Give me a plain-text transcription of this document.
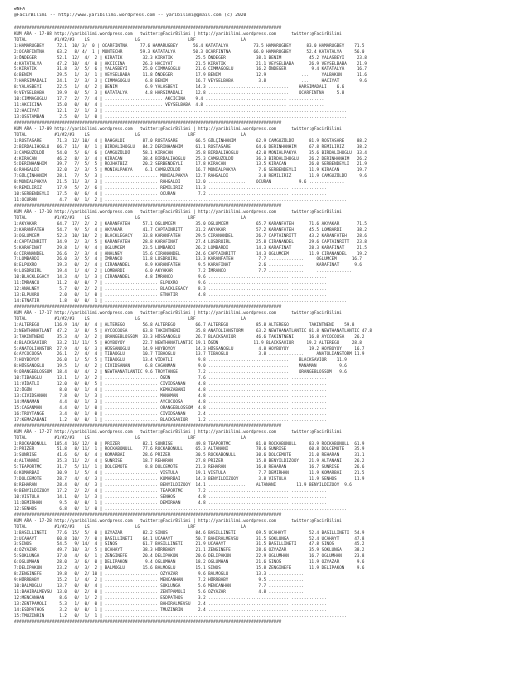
ƏNFA
@FacirBilimi -- http://www.yaribilimi.wordpress.com -- yaribilimi@gmail.com (c) 2020
##########################################################################################################
KUM ARA - 17-08 http://yaribilimi.wordpress.com   twitter:@FacirBilimi | http://yaribilimi.wordpress.com      twitter:@FacirBilimi
TOTAL           #1/#2/#3    LS                  LG                   LRF                  LA
1:HAMARUGBEY     72.1  10/ 3/  0 | OCARFINTNA     77.6 HAMARUGBEY      56.4 KATATALYA          73.5 HAMARUGBEY      83.0 HAMARUGBEY    71.5
2:OCARFINTNA     63.2   8/ 4/  1 | MONTECHR       59.3 KATATALYA       50.3 OCARFINTNA         66.0 HAMARUGBEY      52.4 KATATALYA     56.0
3:ÖNDEGER        52.1  12/  4/  2 | KIRATIK        32.3 KIRATIK         25.5 ÖNDEGER            38.1 BENIM           45.2 YALASBEYI     23.8
4:KATATALYA      47.2  10/  4/  0 | AKCICINA       26.3 HACIYAT         21.5 KIRATIK            21.1 VEYSELBABA      26.9 VEYSELBABA    21.9
5:KIRATIK        31.8   3/  5/  6 | YALASBEYI      25.0 CIMMAGOGLU      21.6 CIMMAGOGLU         16.2 ÖNDEGER          9.4 KATATALYA     16.7
6:BENIM          29.5   1/  3/  1 | VEYSELBABA     11.8 ÖNDEGER         17.9 BENIM              12.9              ...     YALBAKUN      11.6
7:HARSIMADALI    24.1   2/  3/  3 | CIMMAGOGLU      6.8 BENIM           16.7 VEYSELBABA          3.8              ...     HACIYAT        9.6
8:YALASBEYI      22.5   1/  4/  2 | BENIM           6.9 YALASBEYI       14.3 ................................    HARSIMADALI    6.6
9:VEYSELBABA     19.9   0/  5/  3 | KATATALYA       4.8 HARSIMADALI     12.8 ................................    OCARFINTNA     5.8
10:CIMMAGOGLU    17.7   2/  7/  4 | ....................... AKCICINA    9.4 ................................ ..............
11:AKCICINA      15.0   0/  0/  4 | ....................... VEYSELBABA  4.8 ................................ ..............
12:HACIYAT       12.1   2/  1/  3 | ................................................................................................
13:OSSTAMBAN      2.5   0/  1/  0 | ................................................................................................
##########################################################################################################
KUM ARA - 17-09 http://yaribilimi.wordpress.com   twitter:@FacirBilimi | http://yaribilimi.wordpress.com      twitter:@FacirBilimi
TOTAL           #1/#2/#3    LS                  LG                   LRF                  LA
1:ROSTASARE      71.3  12/ 10/  4 | RAHGALDI       87.0 ROSTASARE       66.5 GÜLÇİNHANIM        62.9 CAMGUZÜLDÜ      81.9 ROSTASARE     88.2
2:BIRDALIHOGLU   66.7  11/  8/  1 | BIRDALIHOGLU   84.2 DERINHANHIM     61.1 ROSTASARE          64.6 DERINHANHIM     67.8 REMILIRIZ     38.2
3:CAMGUZÜLDÜ     54.0   5/  6/  6 | CAMGUZÜLDÜ     58.1 KIRACAN         35.8 BIRDALIHOGLU       42.0 MONIALPAKYA     35.6 BIRDALIHOGLU  33.4
4:KIRACAN        46.2   8/  3/  4 | KIRACAN        38.4 BIRDALIHOGLU    25.3 CAMGUZÜLDÜ         36.3 BIRDALIHOGLU    26.2 DERINHANHIM   26.2
5:DERINHANHIM    39.7   7/  5/  5 | ROJHATBIZ      20.2 SERBENDEYLI     17.8 KIRACAN            13.5 KIRACAN         26.0 SERBENDEYLI   21.9
6:RAHGALDI       32.0   2/  3/  5 | MONIALPAKYA     6.1 CAMGUZÜLDÜ      16.7 MONIALPAKYA         7.6 SERBENDEYLI     11.9 KIRACAN       19.7
7:GÜLÇİNHANIM    28.1   7/  5/  3 | ..................... MONIALPAKYA   12.7 RAHGALDI            3.8 REMILIRIZ       11.9 CAMGUZÜLDÜ     9.6
8:MONIALPAKYA    21.5  11/  3/  3 | ..................... RAHGALDI      12.0 ...............    OCURAN           9.6 ..............
9:REMILIRIZ      17.9   5/  2/  6 | ..................... REMILIRIZ     11.3 ................................ ..............
10:SERBENDEYLI   17.5   0/  6/  4 | ..................... OCURAN         7.2 ................................ ..............
11:OCURAN         4.7   0/  1/  2 | ................................................................................................
##########################################################################################################
KUM ARA - 17-10 http://yaribilimi.wordpress.com   twitter:@FacirBilimi | http://yaribilimi.wordpress.com      twitter:@FacirBilimi
TOTAL           #1/#2/#3    LS                  LG                   LRF                  LA
1:AKYAKAR        64.7  17/  2/  2 | KARANFATEH     57.1 OGLUMCEM        35.0 OGLUMCEM           65.7 KARANFATEH      71.6 AKYAKAR       71.5
2:KARANFATEH     54.7   9/  5/  4 | AKYAKAR        41.7 CAPTAINRITT     31.2 AKYAKAR            57.2 KARANFATEH      45.5 LOMBARDI      38.2
3:OGLUMCEM       52.3  10/ 10/  2 | BLACKLEGACY    33.8 KARANFATEH      29.5 CIRANANDEL         26.7 CAPTAINRITT     43.2 KARANFATEH    28.6
4:CAPTAINRITT    34.9   2/  3/  5 | KARANFATEH     28.8 KARAFINAT       27.4 LOSDRUIRL          25.8 CIRANANDEL      29.6 CAPTAINRITT   23.8
5:KARAFINAT      29.8   1/  9/  4 | OGLUMCEM       23.5 LOMBARDI        26.2 LOMBARDI           14.3 KARAFINAT       28.3 KARAFINAT     21.5
6:CIRANANDEL     26.6   2/  3/  4 | ANALNEY        15.6 CIRANANDEL      24.6 CAPTAINRITT        14.3 OGLUMCEM        11.9 CIRANANDEL    19.2
7:LOMBARDI       26.0   3/  5/  4 | İMRANCO        11.8 LOSDRUIRL       13.3 KARANFATEH          7.7 ..............     OGLUMCEM      16.7
8:ELPUXRO        19.3   0/  2/  4 | CIRANANDEL      8.9 KARANFATEH       9.5 KARAFINAT           2.6 ..............     KARAFINAT      9.6
9:LOSDRUIRL      19.4   1/  4/  2 | LOMBARDI        6.0 AKYAKAR          7.2 İMRANCO             7.7 ..............     ..............
10:BLACKLEGACY   14.3   4/  1/  3 | CIRANANDEL      4.8 İMRANCO          9.6 ................................ ..............
11:İMRANCO       11.2   0/  0/  7 | ..................... ELPUXRO        9.6 ................................ ..............
12:ANALNEY        5.7   0/  2/  2 | ..................... BLACKLEGACY    8.3 ................................ ..............
13:ELPUXRO        2.0   0/  1/  0 | ..................... ETNATIR        4.8 ................................ ..............
14:ETNATIR        1.8   0/  0/  1 | ................................................................................................
##########################################################################################################
KUM ARA - 17-17 http://yaribilimi.wordpress.com   twitter:@FacirBilimi | http://yaribilimi.wordpress.com      twitter:@FacirBilimi
TOTAL           #1/#2/#3    LS                  LG                   LRF                  LA
1:ALTEREGO      116.9  14/  8/  4 | ALTEREGO       56.8 ALTEREGO        66.7 ALTEREGO           85.8 ALTEREGO        TAKINTNENI    59.8
2:NEWTHANATLANT  47.2   3/  8/  5 | AYCOCOOSA      63.8 TAKINTNENI      35.8 ANATOLIANSTORM     63.2 NEWTHANATLANTIC 81.8 NEWTHANATLANTIC 47.8
3:TAKINTNENI     35.3   4/  3/  2 | ORANGEBLOSSOM  33.3 HÜSSANOGLU      26.7 BLACKSAVIOR        46.6 TAKINTNENI      16.8 AYCOCOOSA    26.2
4:BLACKSAVIOR    33.2  11/ 11/  5 | HOYBOYOY       22.7 NEWTHANATLANTIC 19.1 ÖGÜN              11.9 BLACKSAVIOR     19.2 ALTEREGO     28.8
5:ANATOLIANSTOR  27.9   4/  6/  3 | HÜSSANOGLU     14.9 HOYBOYOY        14.3 HÜSSANOGLU          4.8 HOYBOYOY        19.2 HOYBOYOY     16.7
6:AYCOCOOSA      26.1   2/  4/  4 | TIBAOGLU       10.7 TIBAOGLU        13.7 TIBAOGLU            3.8 ..............     ANATOLIANSTORM 11.9
7:HOYBOYOY       26.0   1/  5/  5 | TIBAOGLU       13.4 VİDATLI          9.8 ................................    BLACKSAVIOR    11.9
8:HÜSSANOGLU     19.5   1/  4/  2 | CIVIDSANAN      6.8 CAGANMAN         9.0 ................................    MANAMAN         9.6
9:ORANGEBLOSSOM  18.4   0/  4/  2 | NEWTHANATLANTIC 9.6 TROYTANGE        7.2 ................................    ORANGEBLOSSOM   9.6
10:TIBAOGLU      13.1   1/  3/  2 | ..................... ÖGÜN           7.6 ................................ ..............
11:VİDATLI       12.0   0/  0/  5 | ..................... CIVIDSANAN     4.8 ................................ ..............
12:ÖGÜN           8.0   0/  1/  4 | ..................... KEMAZABANI     4.8 ................................ ..............
13:CIVIDSANAN     7.8   0/  1/  3 | ..................... MANAMAN        4.8 ................................ ..............
14:MANAMAN        4.4   0/  1/  3 | ..................... AYCOCOOSA      4.8 ................................ ..............
15:CAGANMAN       4.4   0/  1/  0 | ..................... ORANGEBLOSSOM  4.8 ................................ ..............
16:TROYTANGE      3.4   0/  1/  0 | ..................... CIVIDSANAN     2.4 ................................ ..............
17:KEMAZABANI     1.2   0/  0/  1 | ..................... BLACKSAVIOR    1.2 ................................ ..............
##########################################################################################################
KUM ARA - 17-27 http://yaribilimi.wordpress.com   twitter:@FacirBilimi | http://yaribilimi.wordpress.com      twitter:@FacirBilimi
TOTAL           #1/#2/#3    LS                  LG                   LRF                  LA
1:ROCKABONULL   105.4  16/ 12/  0 | PRIZER         82.1 SUNRISE         49.8 TEAPORTMC          81.0 ROCKABONULL     83.9 ROCKABONULL  61.9
2:PRIZER         51.8   8/ 11/  1 | ROCKABONULL    77.6 ROCKABONULL     65.3 ALTANANI           78.6 SUNRISE         60.8 DOLCEMOTE    35.9
3:SUNRISE        41.6   6/  6/  4 | KOMARBAI       28.6 PRIZER          30.5 ROCKABONULL        30.6 DOLCEMOTE       21.0 REHARAN      31.1
4:ALTANANI       35.3  11/  2/  4 | SUNRISE        18.7 REHARAN         27.8 PRIZER             15.8 BENYILDIZOOY    21.9 ALTANANI     26.2
5:TEAPORTMC      31.7   5/ 11/  1 | DOLCEMOTE       8.8 DOLCEMOTE       21.3 REHARAN            16.8 REHARAN         16.7 SUNRISE      26.6
6:KOMARBAI       30.9   1/  5/  4 | ..................... VISTULA       19.1 VISTULA             7.7 DEMIRHAN        11.9 KOMARBAI     21.5
7:DOLCEMOTE      28.7   4/  4/  3 | ..................... KOMARBAI      14.3 BENYILDIZOOY        3.8 VISTULA         11.9 SENHOS       11.9
8:REHARAN        28.4   0/  4/  3 | ..................... BENYILDIZOOY  14.1 ...............    ALTANANI        11.9 BENYILDIZOOY  9.6
9:BENYILDIZOOY   17.2   2/  2/  4 | ..................... TEAPORTMC      7.2 ................................ ..............
10:VISTULA       14.1   0/  1/  3 | ..................... SENHOS         4.8 ................................ ..............
11:DEMIRHAN       9.5   0/  0/  1 | ..................... DEMIRHAN       4.8 ................................ ..............
12:SENHOS         6.8   0/  1/  0 | ................................................................................................
##########################################################################################################
KUM ARA - 17-28 http://yaribilimi.wordpress.com   twitter:@FacirBilimi | http://yaribilimi.wordpress.com      twitter:@FacirBilimi
TOTAL           #1/#2/#3    LS                  LG                   LRF                  LA
1:BASILLINETI    77.6  15/  5/  0 | OZYAZAR        82.2 SINOS           84.6 BASILLINETI        69.5 UCAHAYT         52.4 BASILLINETI  54.9
2:UCAHAYT        60.8  10/  7/  0 | BASILLINETI    64.1 UCAHAYT         50.7 BAHIRALMEVSU       31.5 SOKLUNGA        52.4 UCAHAYT      47.8
3:SINOS          54.5   9/ 14/  4 | SINOS          61.7 BASILLINETI     21.9 UCAHAYT            31.5 BASILLINETI     47.8 SINOS        45.2
4:OZYAZAR        49.7  10/  3/  5 | UCAHAYT        38.3 HÜRRBABY        21.1 ZENGINEFE          28.6 OZYAZAR         35.9 SOKLUNGA     38.2
5:SOKLUNGA       37.0   4/  6/  1 | ZENGINEFE      20.4 DELIPAKON       20.6 DELIPAKON          22.9 OGLUMHAN        16.7 OGLUMHAN     23.8
6:OGLUMHAN       28.0   3/  6/  0 | DELIPAKON       9.4 OGLUMHAN        18.2 OGLUMHAN           21.6 SINOS           11.9 OZYAZAR       9.6
7:DELIPAKON      23.2   4/  3/  2 | BALMOGLU       15.6 BALMOGLU        15.1 SINOS              15.8 ZENGINEFE       11.9 DELIPAKON     9.6
8:ZENGINEFE      19.8   0/  2/ 10 | ..................... OZYAZAR        9.6 BALMOGLU           13.3 ..............
9:HÜRRBABY       15.2   1/  4/  2 | ..................... MENCANHAN      7.2 HÜRRBABY            9.5 ..............
10:BALMOGLU      13.7   0/  0/  4 | ..................... SOKLUNGA       5.6 MENCANHAN           7.7 ..............
11:BAHIRALMEVSU  13.0   0/  2/  0 | ..................... ZENTPAMOLI     5.6 OZYAZAR             4.8 ..............
12:MENCANHAN      8.6   0/  1/  2 | ..................... ESDPATHOS      3.2 ................................ ..............
13:ZENTPAMOLI     5.3   1/  0/  0 | ..................... BAHIRALMEVSU   2.4 ................................ ..............
14:ESDPATHOS      3.2   0/  0/  1 | ..................... TMUZINRIN      2.4 ................................ ..............
15:TMUZINRIN      1.2   0/  1/  1 | ................................................................................................
##########################################################################################################
